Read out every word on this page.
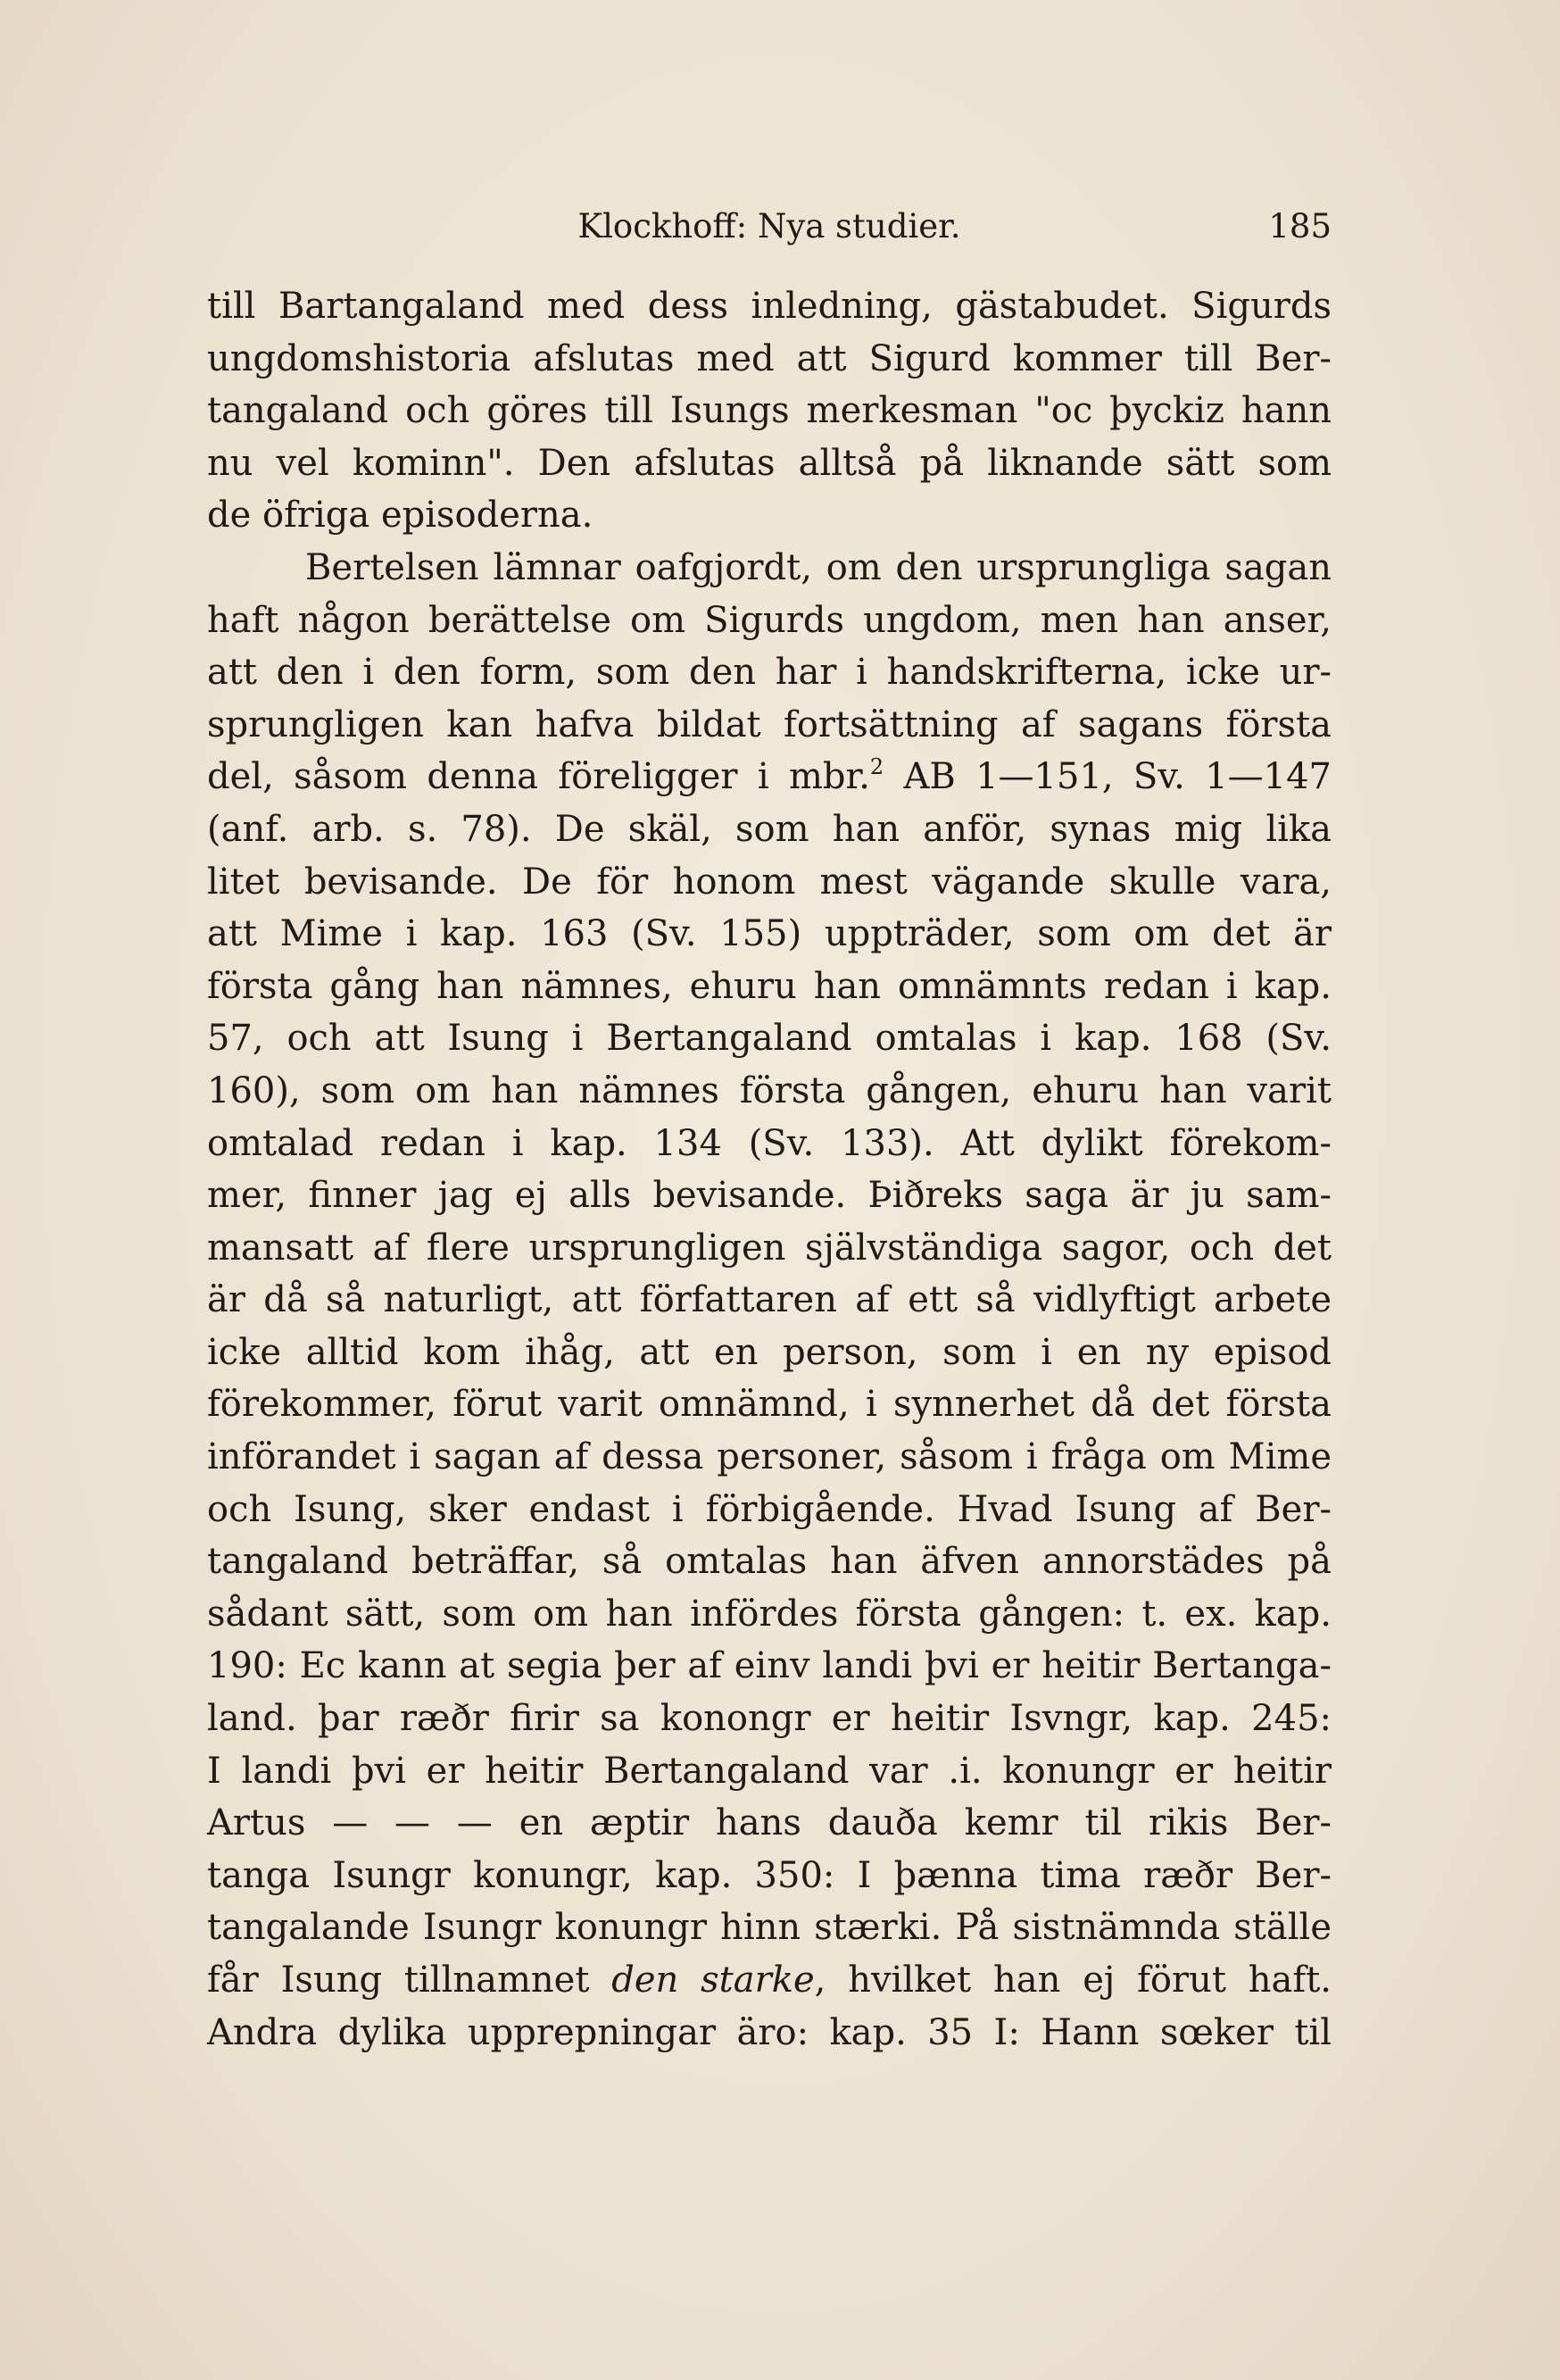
Klockhoff: Nya studier.	185
till Bartangaland med dess inledning, gästabudet. Sigurds
ungdomshistoria afslutas med att Sigurd kommer till Ber-
tangaland och göres till Isungs merkesman "oc þyckiz hann
nu vel kominn". Den afslutas alltså på liknande sätt som
de öfriga episoderna.
Bertelsen lämnar oafgjordt, om den ursprungliga sagan
haft någon berättelse om Sigurds ungdom, men han anser,
att den i den form, som den har i handskrifterna, icke ur-
sprungligen kan hafva bildat fortsättning af sagans första
del, såsom denna föreligger i mbr.$^2$ AB 1—151, Sv. 1—147
(anf. arb. s. 78). De skäl, som han anför, synas mig lika
litet bevisande. De för honom mest vägande skulle vara,
att Mime i kap. 163 (Sv. 155) uppträder, som om det är
första gång han nämnes, ehuru han omnämnts redan i kap.
57, och att Isung i Bertangaland omtalas i kap. 168 (Sv.
160), som om han nämnes första gången, ehuru han varit
omtalad redan i kap. 134 (Sv. 133). Att dylikt förekom-
mer, finner jag ej alls bevisande. Þiðreks saga är ju sam-
mansatt af flere ursprungligen självständiga sagor, och det
är då så naturligt, att författaren af ett så vidlyftigt arbete
icke alltid kom ihåg, att en person, som i en ny episod
förekommer, förut varit omnämnd, i synnerhet då det första
införandet i sagan af dessa personer, såsom i fråga om Mime
och Isung, sker endast i förbigående. Hvad Isung af Ber-
tangaland beträffar, så omtalas han äfven annorstädes på
sådant sätt, som om han infördes första gången: t. ex. kap.
190: Ec kann at segia þer af einv landi þvi er heitir Bertanga-
land. þar ræðr firir sa konongr er heitir Isvngr, kap. 245:
I landi þvi er heitir Bertangaland var .i. konungr er heitir
Artus — — — en æptir hans dauða kemr til rikis Ber-
tanga Isungr konungr, kap. 350: I þænna tima ræðr Ber-
tangalande Isungr konungr hinn stærki. På sistnämnda ställe
får Isung tillnamnet den starke, hvilket han ej förut haft.
Andra dylika upprepningar äro: kap. 35 I: Hann sœker til
